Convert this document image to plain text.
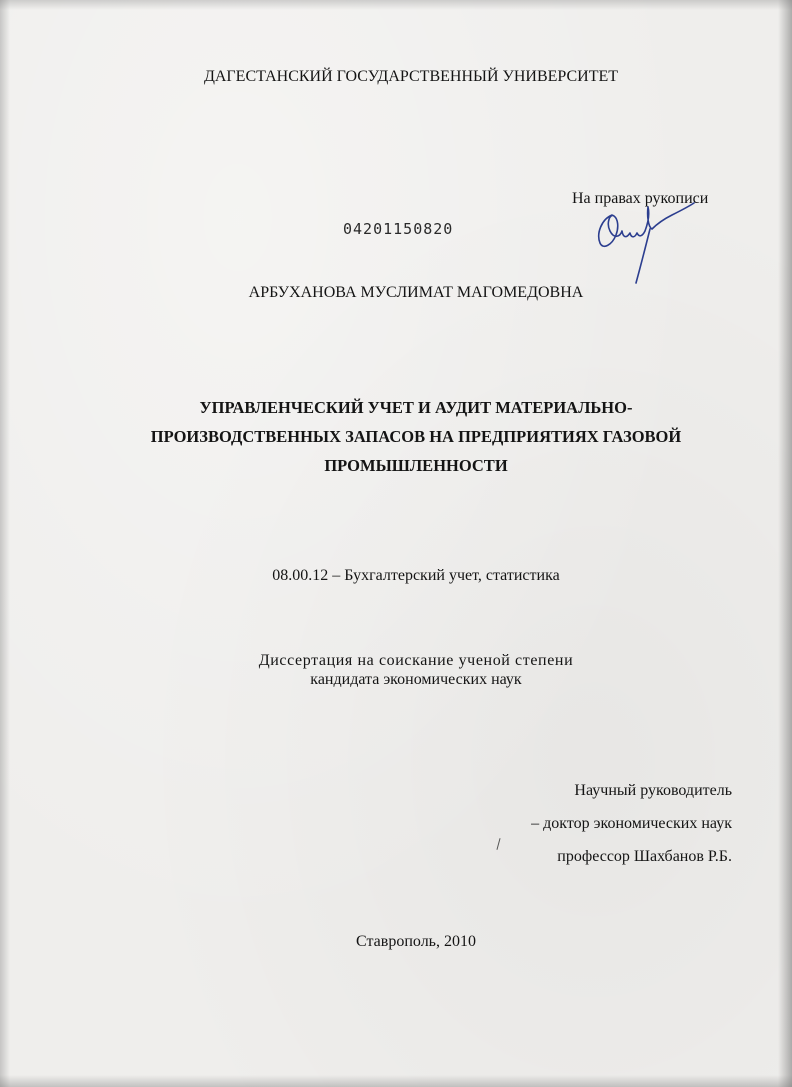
ДАГЕСТАНСКИЙ ГОСУДАРСТВЕННЫЙ УНИВЕРСИТЕТ
На правах рукописи
04201150820
АРБУХАНОВА МУСЛИМАТ МАГОМЕДОВНА
УПРАВЛЕНЧЕСКИЙ УЧЕТ И АУДИТ МАТЕРИАЛЬНО-
ПРОИЗВОДСТВЕННЫХ ЗАПАСОВ НА ПРЕДПРИЯТИЯХ ГАЗОВОЙ
ПРОМЫШЛЕННОСТИ
08.00.12 – Бухгалтерский учет, статистика
Диссертация на соискание ученой степени
кандидата экономических наук
Научный руководитель
– доктор экономических наук
профессор Шахбанов Р.Б.
Ставрополь, 2010
